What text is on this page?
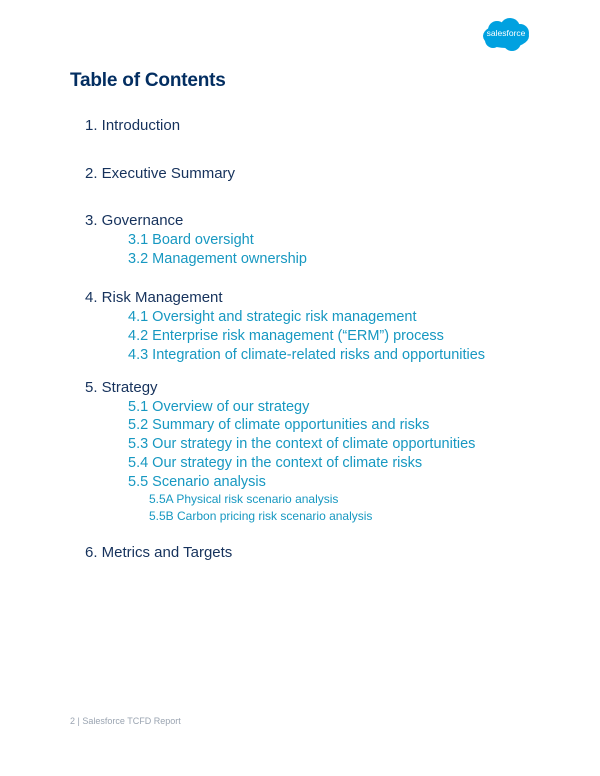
salesforce
Table of Contents
1. Introduction
2. Executive Summary
3. Governance
3.1 Board oversight
3.2 Management ownership
4. Risk Management
4.1 Oversight and strategic risk management
4.2 Enterprise risk management (“ERM”) process
4.3 Integration of climate-related risks and opportunities
5. Strategy
5.1 Overview of our strategy
5.2 Summary of climate opportunities and risks
5.3 Our strategy in the context of climate opportunities
5.4 Our strategy in the context of climate risks
5.5 Scenario analysis
5.5A Physical risk scenario analysis
5.5B Carbon pricing risk scenario analysis
6. Metrics and Targets
2 | Salesforce TCFD Report
